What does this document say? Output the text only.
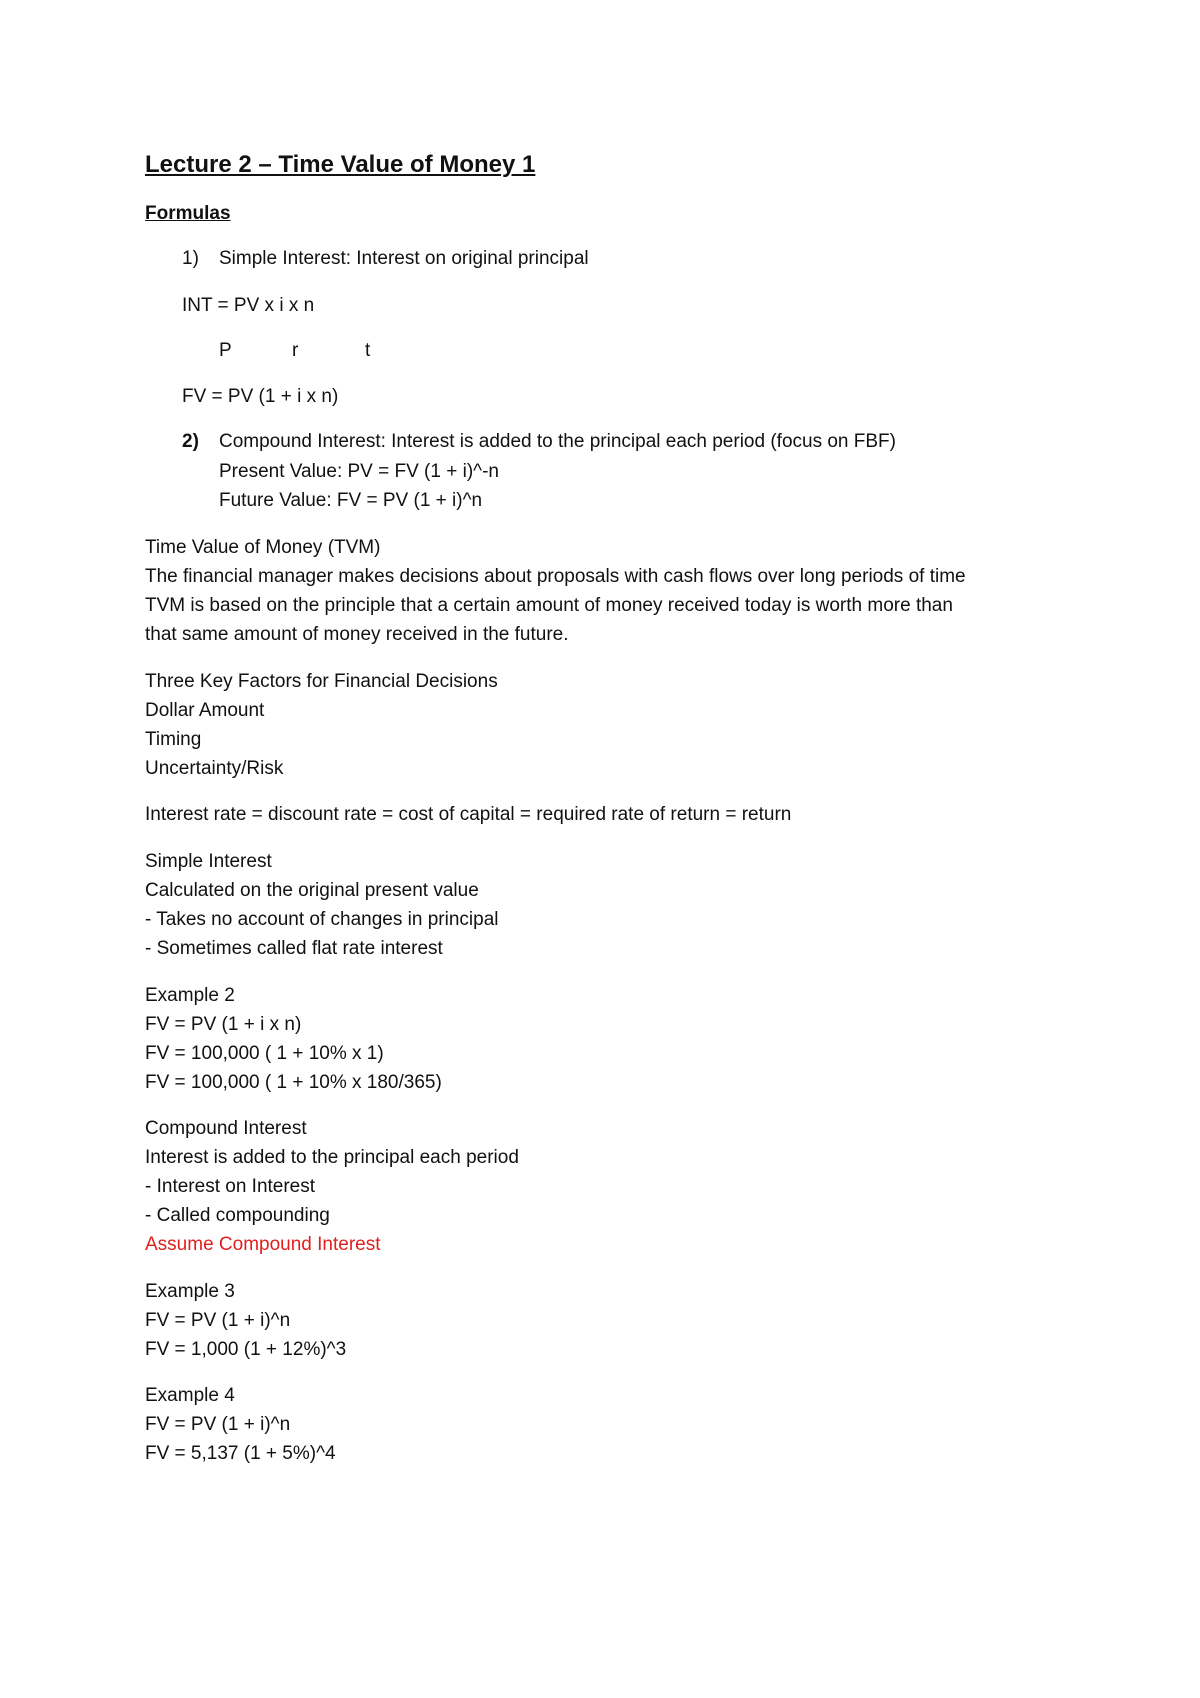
Lecture 2 – Time Value of Money 1
Formulas
1) Simple Interest: Interest on original principal
INT = PV x i x n
P	r	t
FV = PV (1 + i x n)
2) Compound Interest: Interest is added to the principal each period (focus on FBF)
Present Value: PV = FV (1 + i)^-n
Future Value: FV = PV (1 + i)^n
Time Value of Money (TVM)
The financial manager makes decisions about proposals with cash flows over long periods of time
TVM is based on the principle that a certain amount of money received today is worth more than
that same amount of money received in the future.
Three Key Factors for Financial Decisions
Dollar Amount
Timing
Uncertainty/Risk
Interest rate = discount rate = cost of capital = required rate of return = return
Simple Interest
Calculated on the original present value
- Takes no account of changes in principal
- Sometimes called flat rate interest
Example 2
FV = PV (1 + i x n)
FV = 100,000 ( 1 + 10% x 1)
FV = 100,000 ( 1 + 10% x 180/365)
Compound Interest
Interest is added to the principal each period
- Interest on Interest
- Called compounding
Assume Compound Interest
Example 3
FV = PV (1 + i)^n
FV = 1,000 (1 + 12%)^3
Example 4
FV = PV (1 + i)^n
FV = 5,137 (1 + 5%)^4
